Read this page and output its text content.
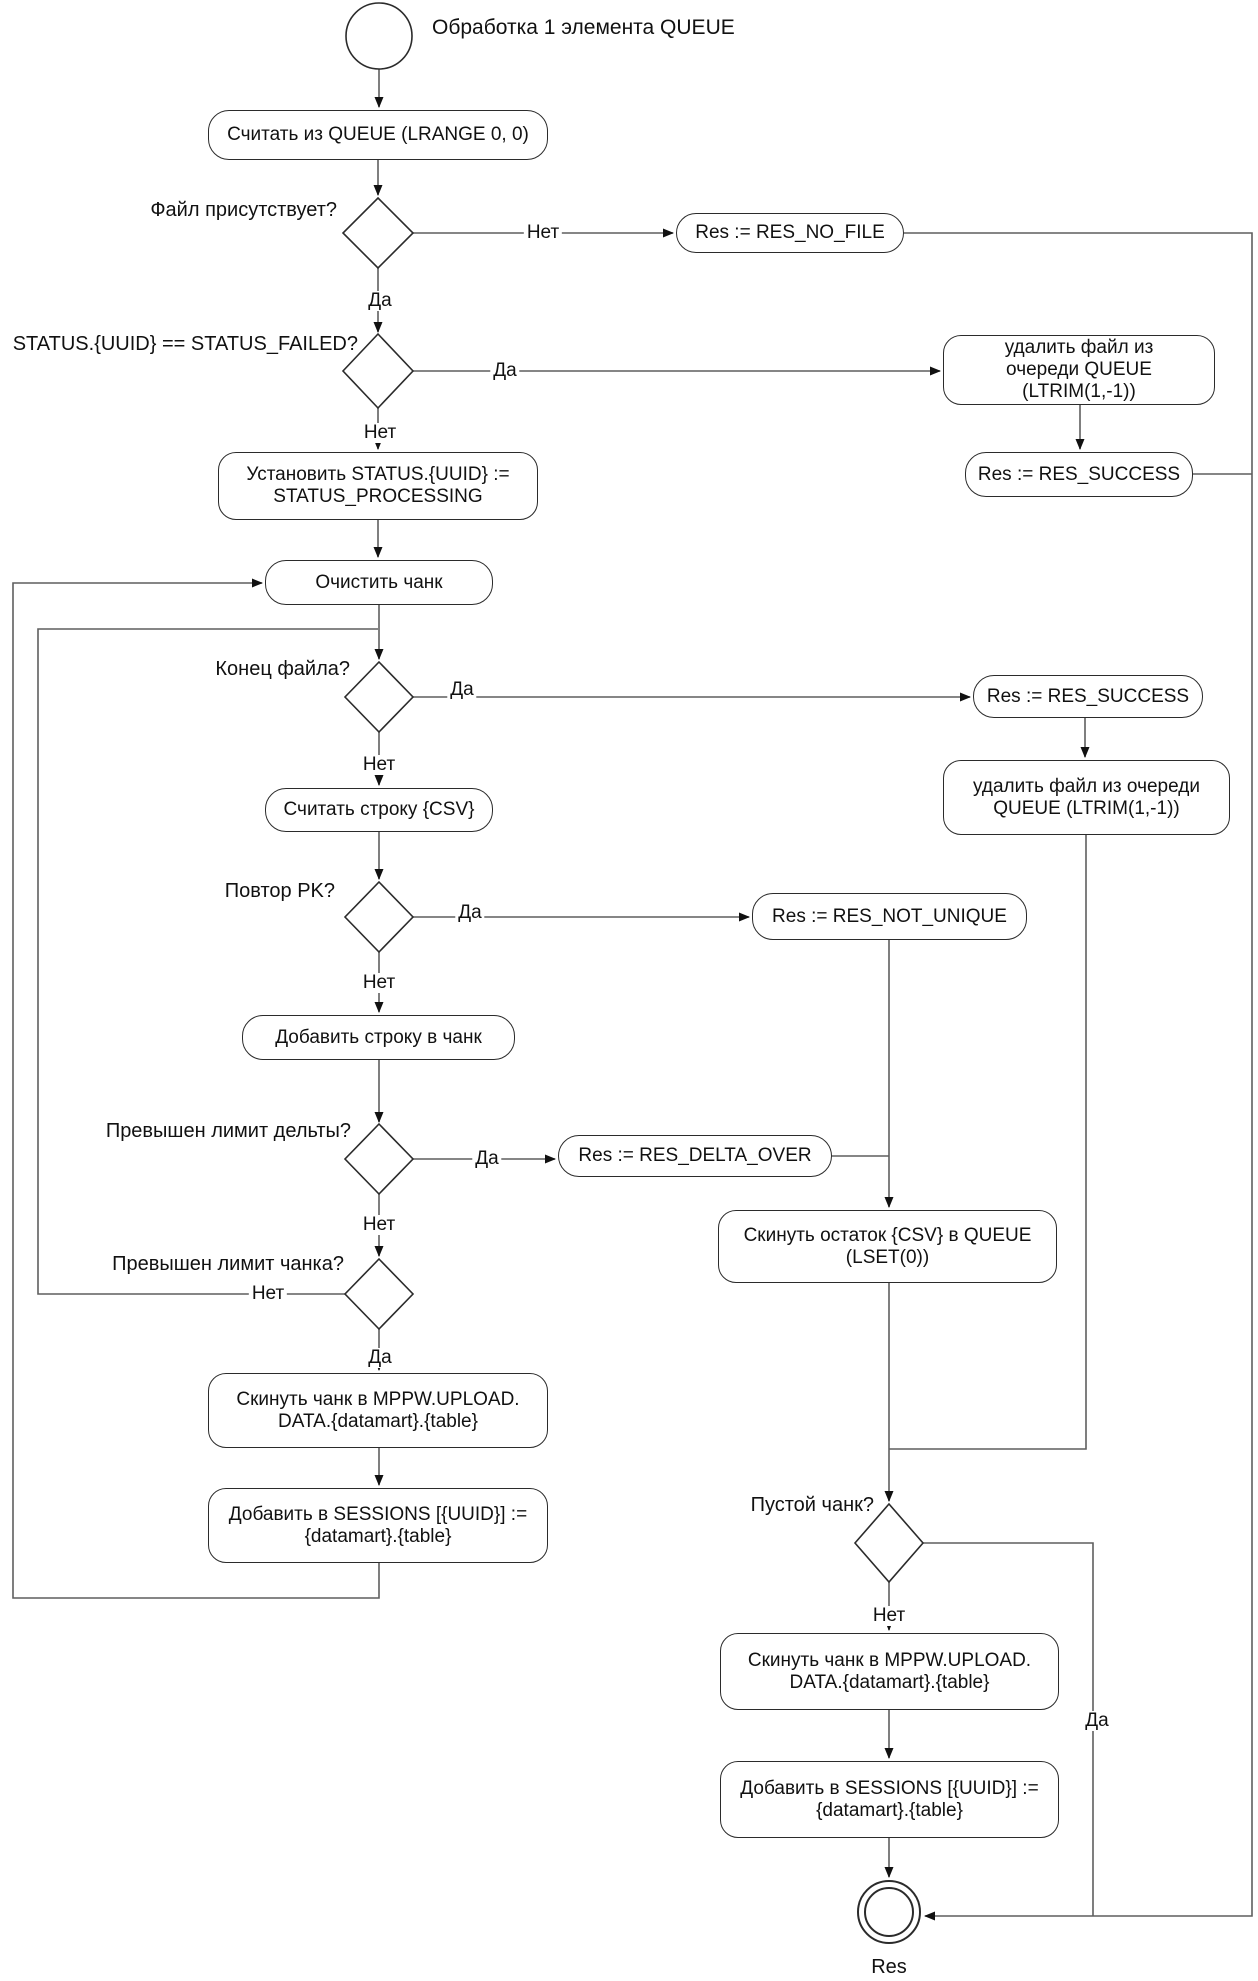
Обработка 1 элемента QUEUE
Считать из QUEUE (LRANGE 0, 0)
Res := RES_NO_FILE
удалить файл из
очереди QUEUE
(LTRIM(1,-1))
Res := RES_SUCCESS
Установить STATUS.{UUID} :=
STATUS_PROCESSING
Очистить чанк
Res := RES_SUCCESS
удалить файл из очереди
QUEUE (LTRIM(1,-1))
Считать строку {CSV}
Res := RES_NOT_UNIQUE
Добавить строку в чанк
Res := RES_DELTA_OVER
Скинуть остаток {CSV} в QUEUE
(LSET(0))
Скинуть чанк в MPPW.UPLOAD.
DATA.{datamart}.{table}
Добавить в SESSIONS [{UUID}] :=
{datamart}.{table}
Скинуть чанк в MPPW.UPLOAD.
DATA.{datamart}.{table}
Добавить в SESSIONS [{UUID}] :=
{datamart}.{table}
Файл присутствует?
STATUS.{UUID} == STATUS_FAILED?
Конец файла?
Повтор PK?
Превышен лимит дельты?
Превышен лимит чанка?
Пустой чанк?
Нет
Да
Да
Нет
Да
Нет
Да
Нет
Да
Нет
Нет
Да
Нет
Да
Res
